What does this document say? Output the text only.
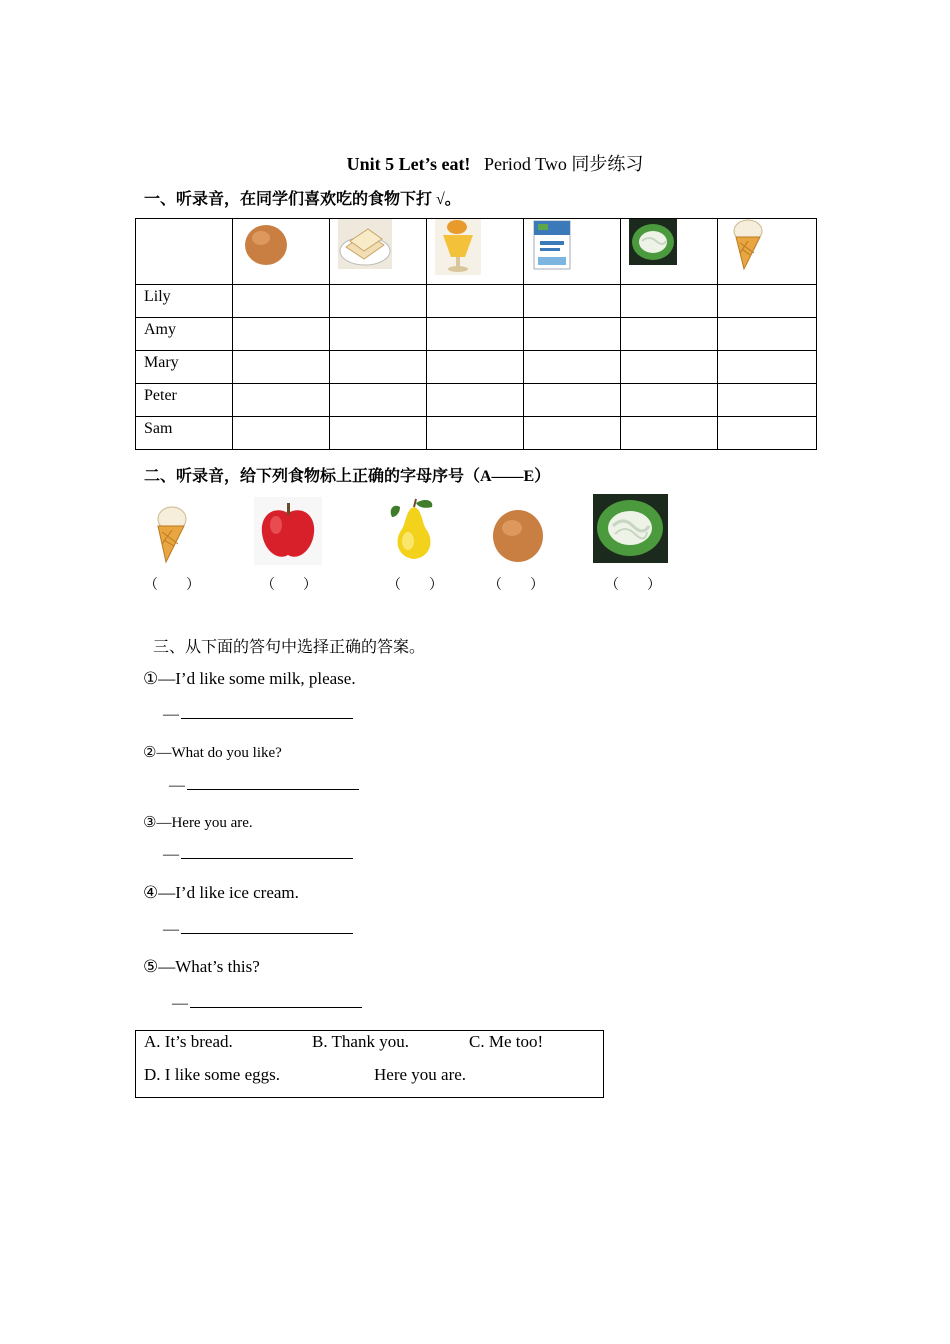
Unit 5 Let’s eat! Period Two 同步练习
一、听录音，在同学们喜欢吃的食物下打 √。

Lily						
Amy						
Mary						
Peter						
Sam						
二、听录音，给下列食物标上正确的字母序号（A——E）
（　　）	（　　）	（　　）	（　　）	（　　）
三、从下面的答句中选择正确的答案。
①—I’d like some milk, please.
—
②—What do you like?
—
③—Here you are.
—
④—I’d like ice cream.
—
⑤—What’s this?
—
A. It’s bread.	B. Thank you.	C. Me too!
D. I like some eggs.	Here you are.
